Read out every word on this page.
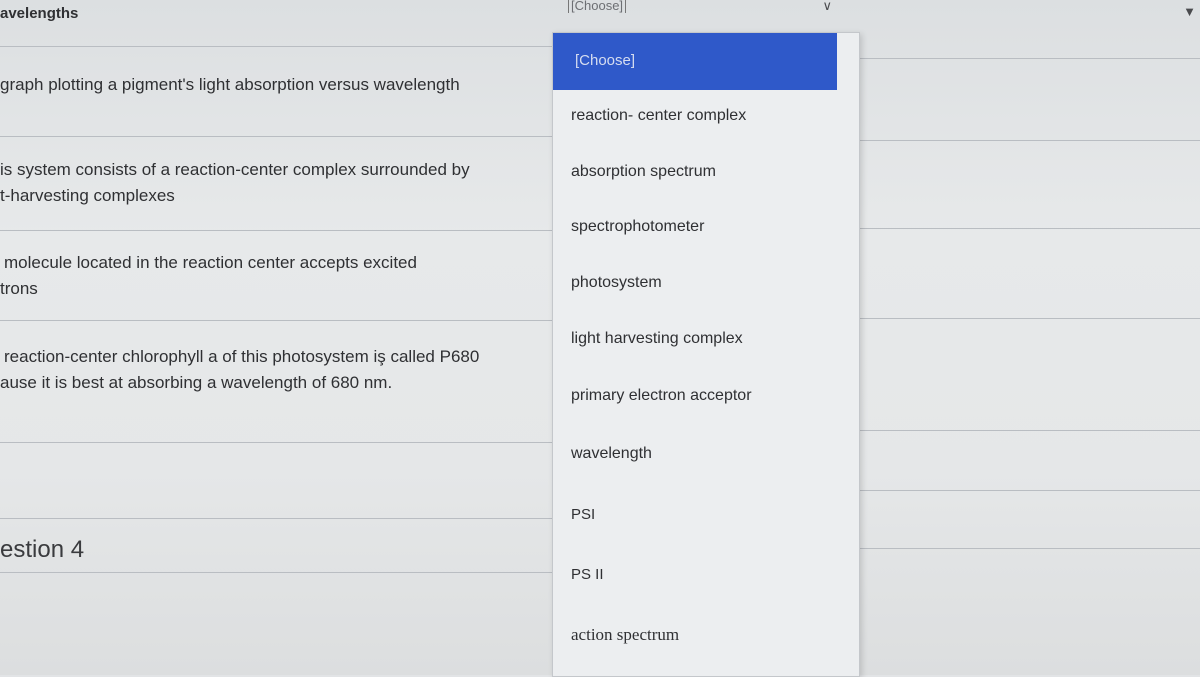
avelengths
graph plotting a pigment's light absorption versus wavelength
is system consists of a reaction-center complex surrounded by
t-harvesting complexes
molecule located in the reaction center accepts excited
trons
reaction-center chlorophyll a of this photosystem iş called P680
ause it is best at absorbing a wavelength of 680 nm.
estion 4
[Choose]	∨	▼
[Choose]
reaction- center complex
absorption spectrum
spectrophotometer
photosystem
light harvesting complex
primary electron acceptor
wavelength
PSI
PS II
action spectrum
